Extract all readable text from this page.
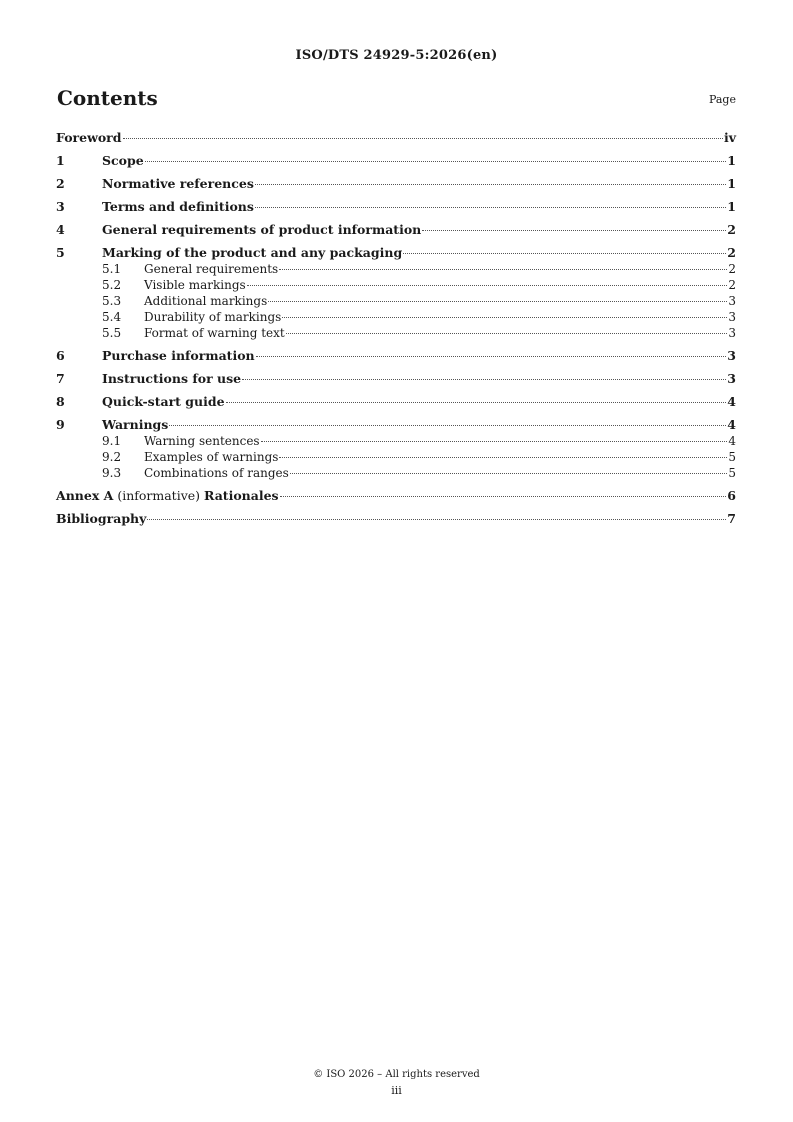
ISO/DTS 24929-5:2026(en)
Contents	Page
Foreword	iv
1	Scope	1
2	Normative references	1
3	Terms and definitions	1
4	General requirements of product information	2
5	Marking of the product and any packaging	2
5.1	General requirements	2
5.2	Visible markings	2
5.3	Additional markings	3
5.4	Durability of markings	3
5.5	Format of warning text	3
6	Purchase information	3
7	Instructions for use	3
8	Quick-start guide	4
9	Warnings	4
9.1	Warning sentences	4
9.2	Examples of warnings	5
9.3	Combinations of ranges	5
Annex A (informative) Rationales	6
Bibliography	7
© ISO 2026 – All rights reserved
iii
